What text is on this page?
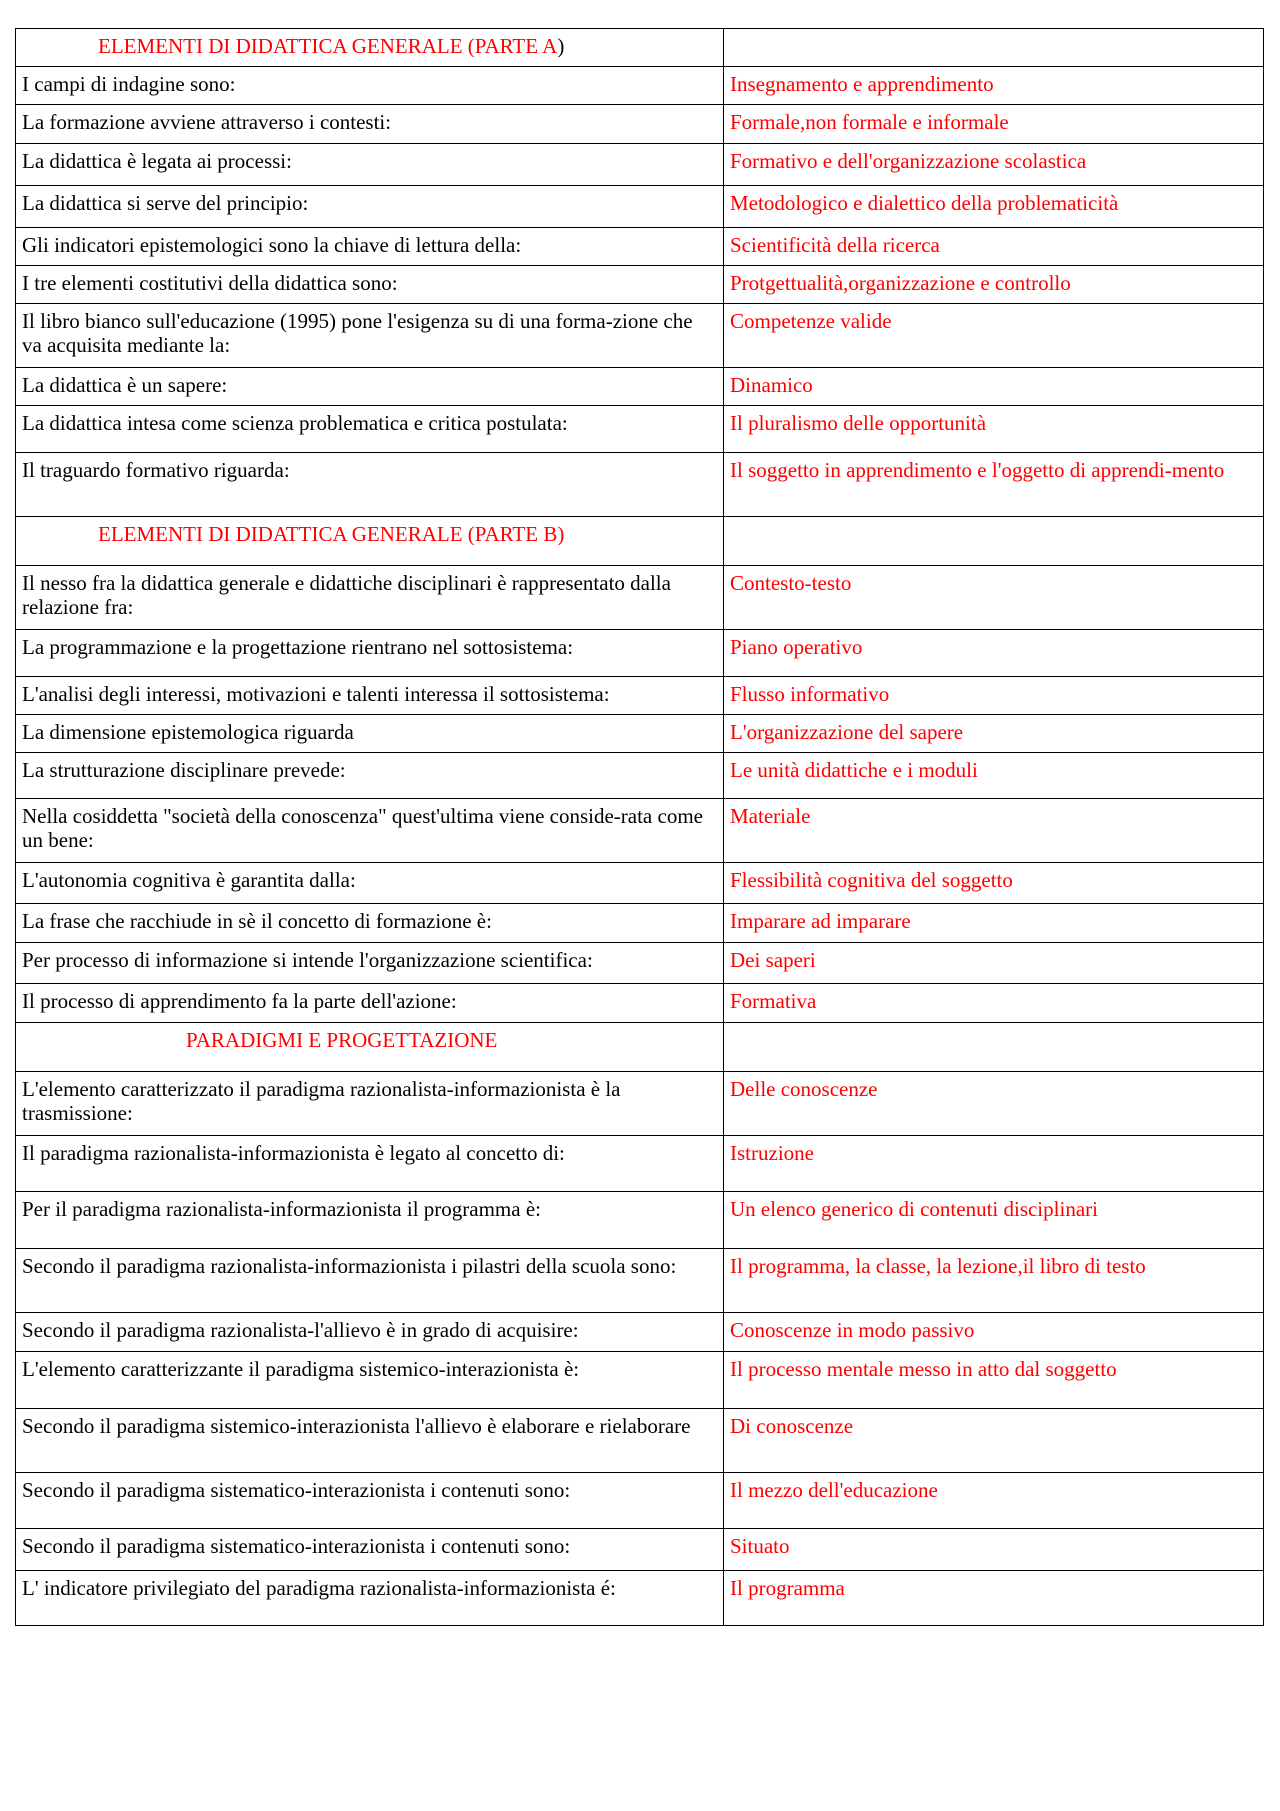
ELEMENTI DI DIDATTICA GENERALE (PARTE A)	
I campi di indagine sono:	Insegnamento e apprendimento
La formazione avviene attraverso i contesti:	Formale,non formale e informale
La didattica è legata ai processi:	Formativo e dell'organizzazione scolastica
La didattica si serve del principio:	Metodologico e dialettico della problematicità
Gli indicatori epistemologici sono la chiave di lettura della:	Scientificità della ricerca
I tre elementi costitutivi della didattica sono:	Protgettualità,organizzazione e controllo
Il libro bianco sull'educazione (1995) pone l'esigenza su di una forma-zione che va acquisita mediante la:	Competenze valide
La didattica è un sapere:	Dinamico
La didattica intesa come scienza problematica e critica postulata:	Il pluralismo delle opportunità
Il traguardo formativo riguarda:	Il soggetto in apprendimento e l'oggetto di apprendi-mento
ELEMENTI DI DIDATTICA GENERALE (PARTE B)	
Il nesso fra la didattica generale e didattiche disciplinari è rappresentato dalla relazione fra:	Contesto-testo
La programmazione e la progettazione rientrano nel sottosistema:	Piano operativo
L'analisi degli interessi, motivazioni e talenti interessa il sottosistema:	Flusso informativo
La dimensione epistemologica riguarda	L'organizzazione del sapere
La strutturazione disciplinare prevede:	Le unità didattiche e i moduli
Nella cosiddetta "società della conoscenza" quest'ultima viene conside-rata come un bene:	Materiale
L'autonomia cognitiva è garantita dalla:	Flessibilità cognitiva del soggetto
La frase che racchiude in sè il concetto di formazione è:	Imparare ad imparare
Per processo di informazione si intende l'organizzazione scientifica:	Dei saperi
Il processo di apprendimento fa la parte dell'azione:	Formativa
PARADIGMI E PROGETTAZIONE	
L'elemento caratterizzato il paradigma razionalista-informazionista è la trasmissione:	Delle conoscenze
Il paradigma razionalista-informazionista è legato al concetto di:	Istruzione
Per il paradigma razionalista-informazionista il programma è:	Un elenco generico di contenuti disciplinari
Secondo il paradigma razionalista-informazionista i pilastri della scuola sono:	Il programma, la classe, la lezione,il libro di testo
Secondo il paradigma razionalista-l'allievo è in grado di acquisire:	Conoscenze in modo passivo
L'elemento caratterizzante il paradigma sistemico-interazionista è:	Il processo mentale messo in atto dal soggetto
Secondo il paradigma sistemico-interazionista l'allievo è elaborare e rielaborare	Di conoscenze
Secondo il paradigma sistematico-interazionista i contenuti sono:	Il mezzo dell'educazione
Secondo il paradigma sistematico-interazionista i contenuti sono:	Situato
L' indicatore privilegiato del paradigma razionalista-informazionista é:	Il programma
